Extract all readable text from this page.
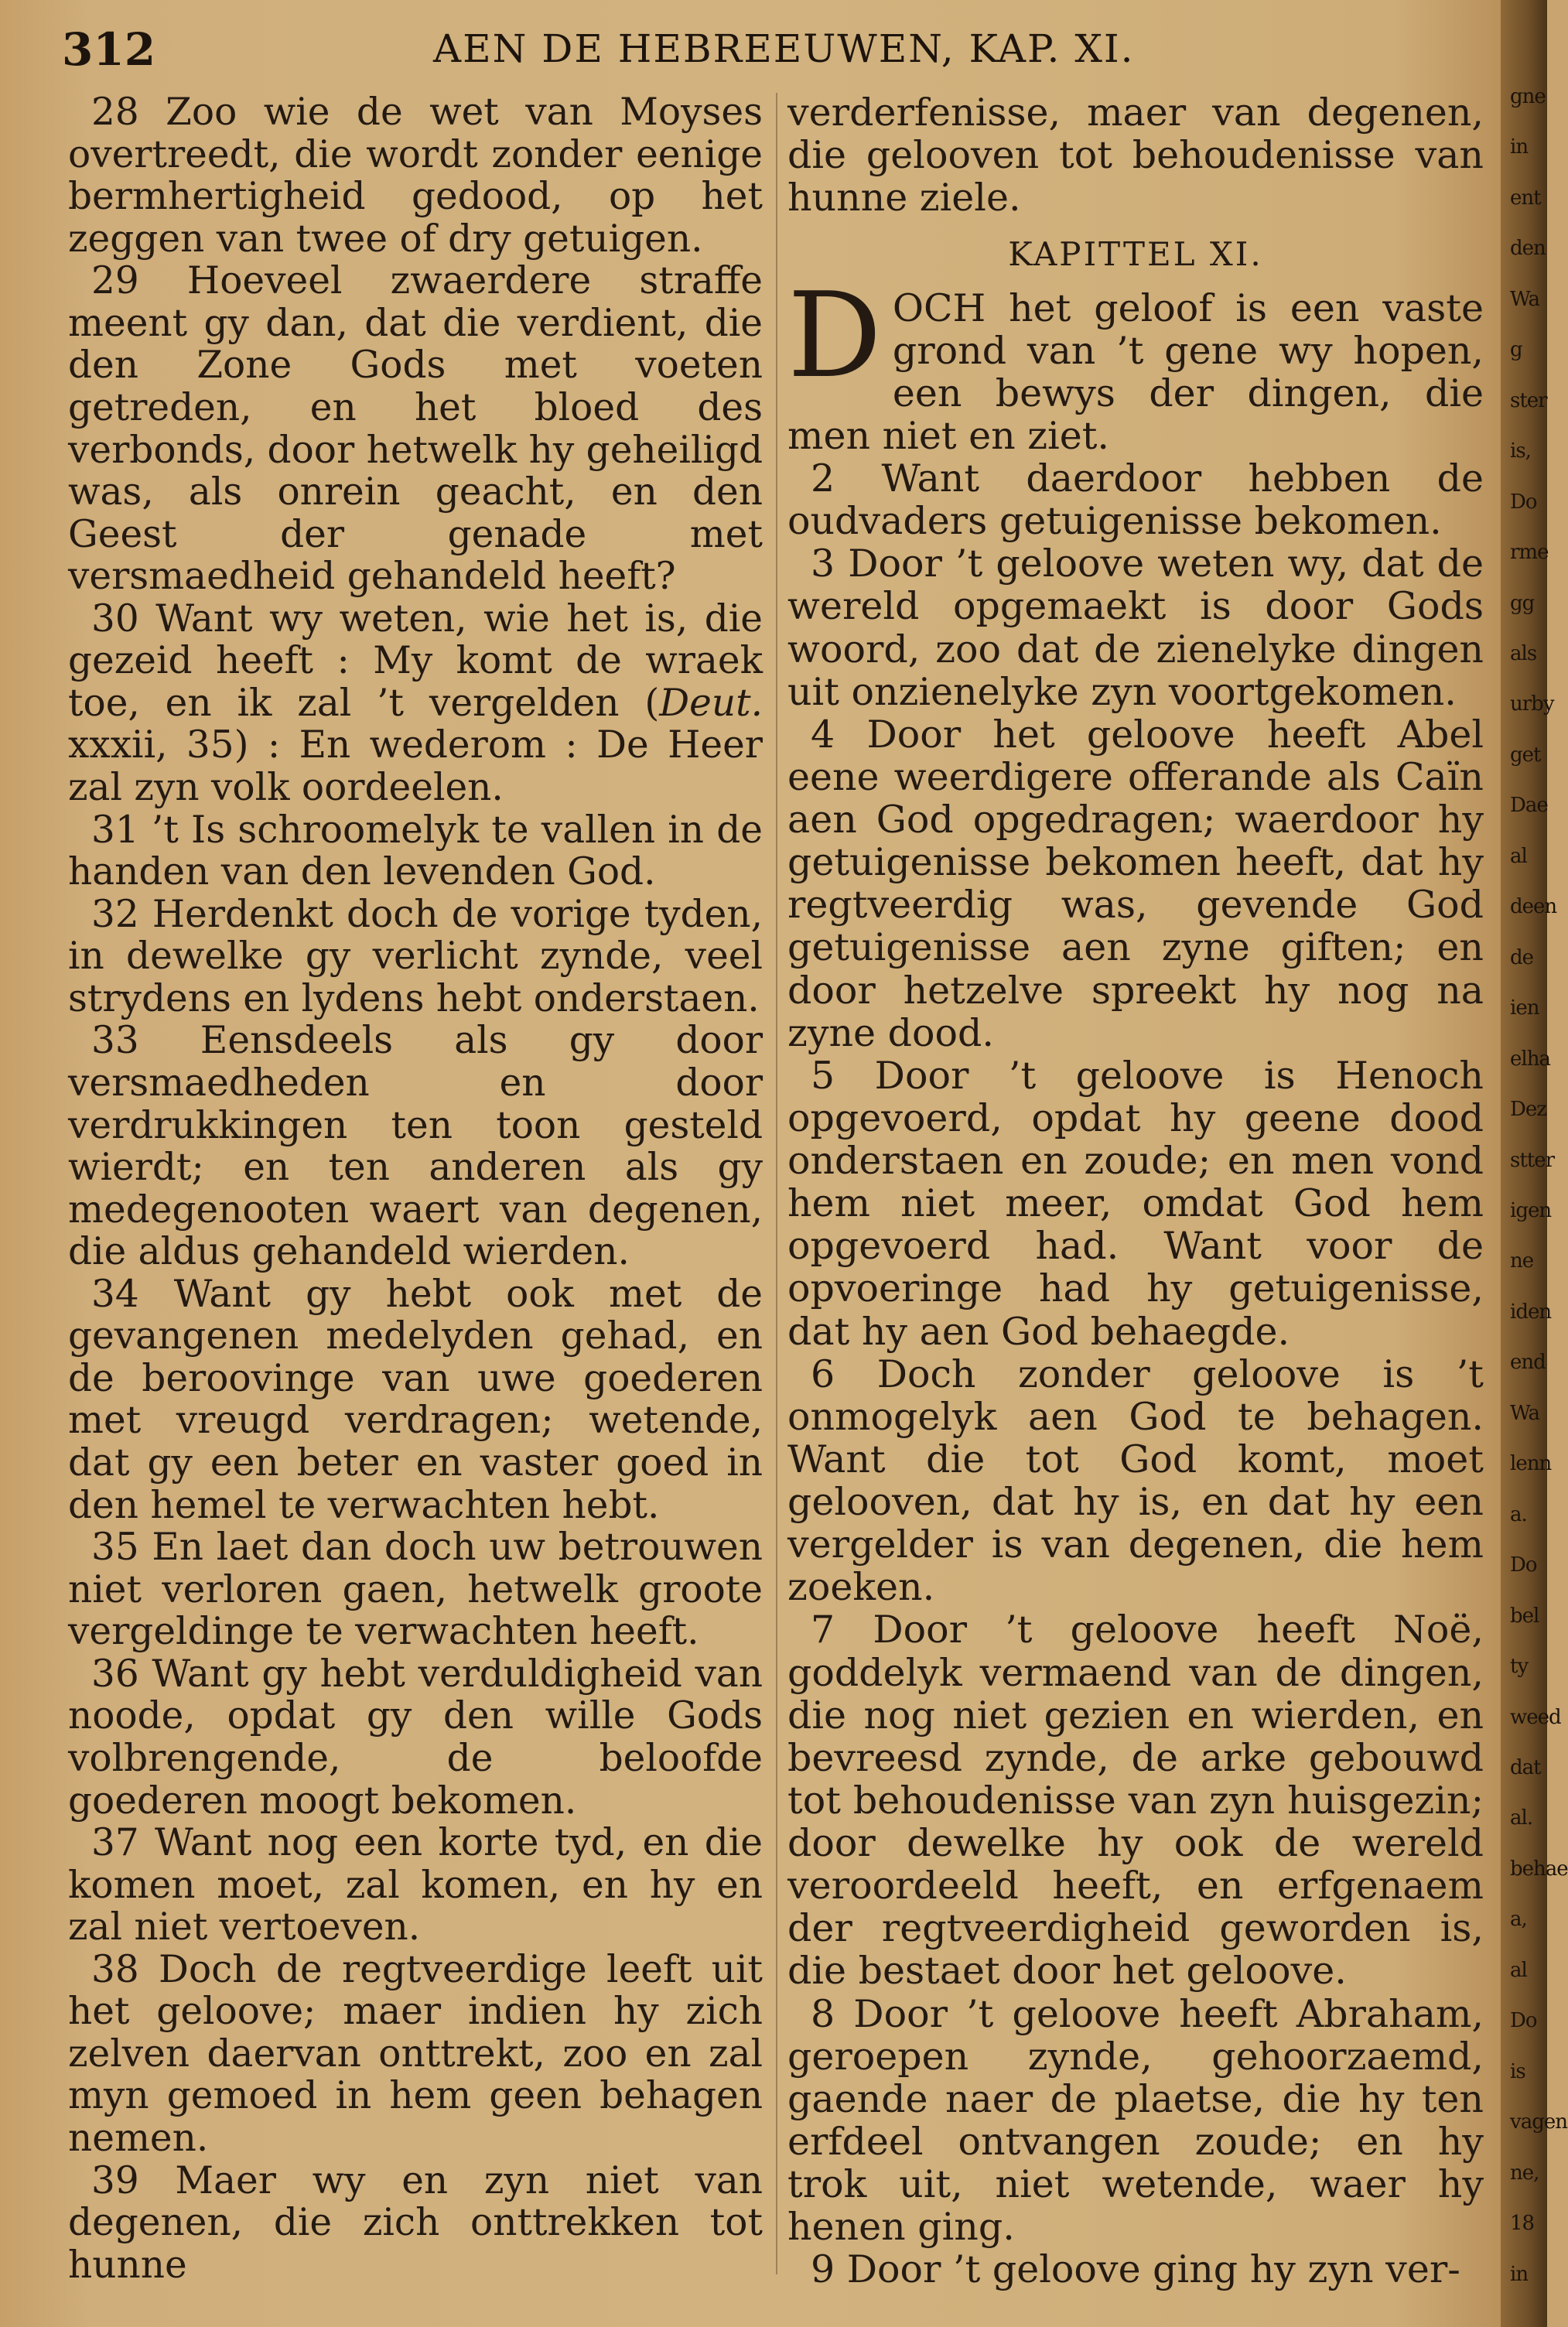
312	AEN DE HEBREEUWEN, KAP. XI.

28 Zoo wie de wet van Moyses overtreedt, die wordt zonder eenige bermhertigheid gedood, op het zeggen van twee of dry getuigen.

29 Hoeveel zwaerdere straffe meent gy dan, dat die verdient, die den Zone Gods met voeten getreden, en het bloed des verbonds, door hetwelk hy geheiligd was, als onrein geacht, en den Geest der genade met versmaedheid gehandeld heeft?

30 Want wy weten, wie het is, die gezeid heeft : My komt de wraek toe, en ik zal ’t vergelden (Deut. xxxii, 35) : En wederom : De Heer zal zyn volk oordeelen.

31 ’t Is schroomelyk te vallen in de handen van den levenden God.

32 Herdenkt doch de vorige tyden, in dewelke gy verlicht zynde, veel strydens en lydens hebt onderstaen.

33 Eensdeels als gy door versmaedheden en door verdrukkingen ten toon gesteld wierdt; en ten anderen als gy medegenooten waert van degenen, die aldus gehandeld wierden.

34 Want gy hebt ook met de gevangenen medelyden gehad, en de beroovinge van uwe goederen met vreugd verdragen; wetende, dat gy een beter en vaster goed in den hemel te verwachten hebt.

35 En laet dan doch uw betrouwen niet verloren gaen, hetwelk groote vergeldinge te verwachten heeft.

36 Want gy hebt verduldigheid van noode, opdat gy den wille Gods volbrengende, de beloofde goederen moogt bekomen.

37 Want nog een korte tyd, en die komen moet, zal komen, en hy en zal niet vertoeven.

38 Doch de regtveerdige leeft uit het geloove; maer indien hy zich zelven daervan onttrekt, zoo en zal myn gemoed in hem geen behagen nemen.

39 Maer wy en zyn niet van degenen, die zich onttrekken tot hunne

verderfenisse, maer van degenen, die gelooven tot behoudenisse van hunne ziele.

KAPITTEL XI.

DOCH het geloof is een vaste grond van ’t gene wy hopen, een bewys der dingen, die men niet en ziet.

2 Want daerdoor hebben de oudvaders getuigenisse bekomen.

3 Door ’t geloove weten wy, dat de wereld opgemaekt is door Gods woord, zoo dat de zienelyke dingen uit onzienelyke zyn voortgekomen.

4 Door het geloove heeft Abel eene weerdigere offerande als Caïn aen God opgedragen; waerdoor hy getuigenisse bekomen heeft, dat hy regtveerdig was, gevende God getuigenisse aen zyne giften; en door hetzelve spreekt hy nog na zyne dood.

5 Door ’t geloove is Henoch opgevoerd, opdat hy geene dood onderstaen en zoude; en men vond hem niet meer, omdat God hem opgevoerd had. Want voor de opvoeringe had hy getuigenisse, dat hy aen God behaegde.

6 Doch zonder geloove is ’t onmogelyk aen God te behagen. Want die tot God komt, moet gelooven, dat hy is, en dat hy een vergelder is van degenen, die hem zoeken.

7 Door ’t geloove heeft Noë, goddelyk vermaend van de dingen, die nog niet gezien en wierden, en bevreesd zynde, de arke gebouwd tot behoudenisse van zyn huisgezin; door dewelke hy ook de wereld veroordeeld heeft, en erfgenaem der regtveerdigheid geworden is, die bestaet door het geloove.

8 Door ’t geloove heeft Abraham, geroepen zynde, gehoorzaemd, gaende naer de plaetse, die hy ten erfdeel ontvangen zoude; en hy trok uit, niet wetende, waer hy henen ging.

9 Door ’t geloove ging hy zyn ver-

gne
in
ent
den
Wa
g
ster
is,
Do
rme
gg
als
urby
get
Dae
al
deen
de
ien
elha
Dez
stter
igen
ne
iden
end
Wa
lenn
a.
Do
bel
ty
weed
dat
al.
behae
a,
al
Do
is
vagen
ne,
18
in
